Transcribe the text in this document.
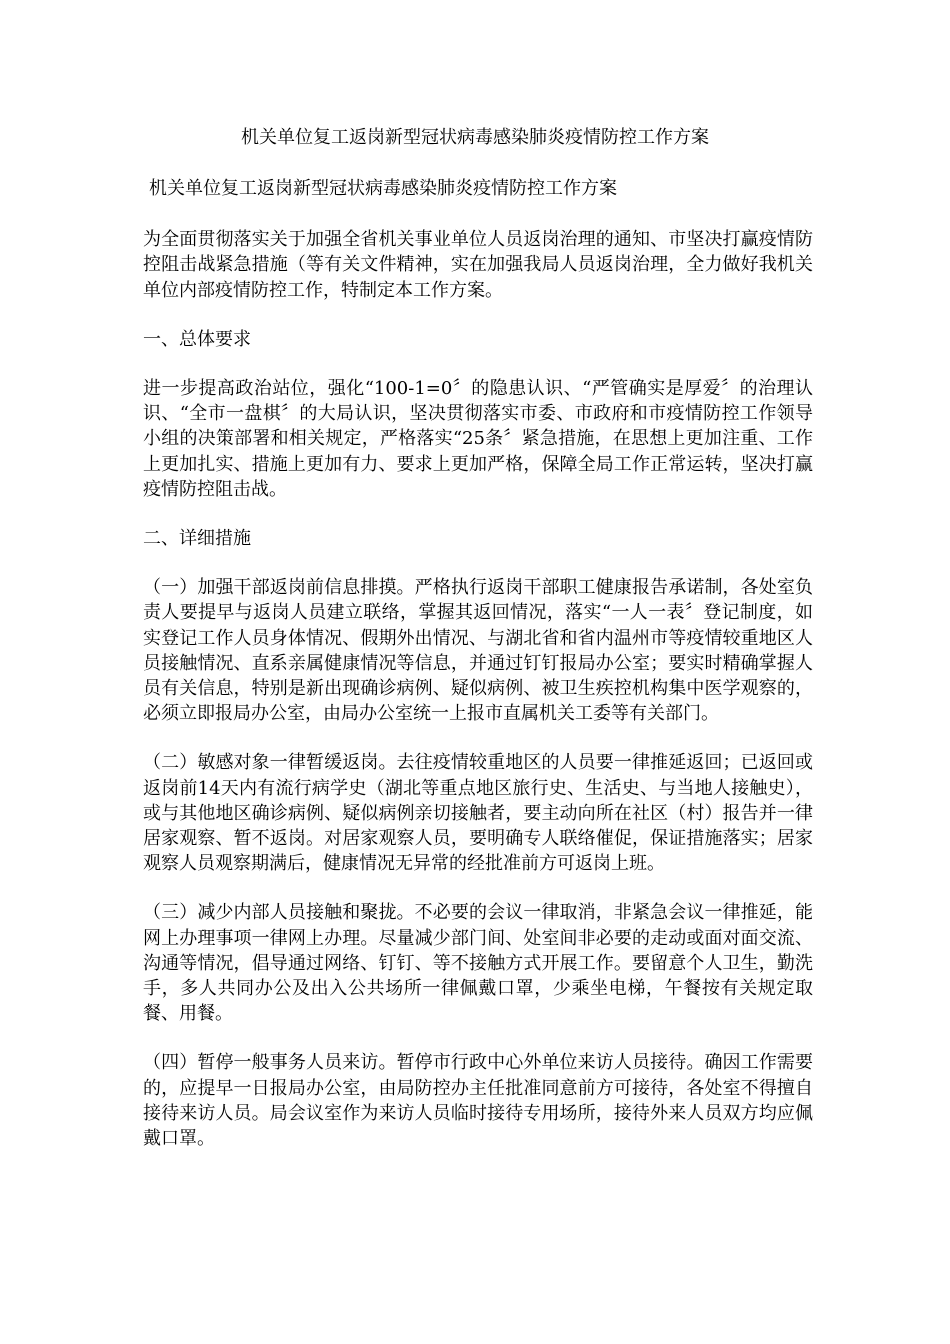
机关单位复工返岗新型冠状病毒感染肺炎疫情防控工作方案

机关单位复工返岗新型冠状病毒感染肺炎疫情防控工作方案

为全面贯彻落实关于加强全省机关事业单位人员返岗治理的通知、市坚决打赢疫情防控阻击战紧急措施（等有关文件精神，实在加强我局人员返岗治理，全力做好我机关单位内部疫情防控工作，特制定本工作方案。

一、总体要求

进一步提高政治站位，强化“100-1=0〞的隐患认识、“严管确实是厚爱〞的治理认识、“全市一盘棋〞的大局认识，坚决贯彻落实市委、市政府和市疫情防控工作领导小组的决策部署和相关规定，严格落实“25条〞紧急措施，在思想上更加注重、工作上更加扎实、措施上更加有力、要求上更加严格，保障全局工作正常运转，坚决打赢疫情防控阻击战。

二、详细措施

（一）加强干部返岗前信息排摸。严格执行返岗干部职工健康报告承诺制，各处室负责人要提早与返岗人员建立联络，掌握其返回情况，落实“一人一表〞登记制度，如实登记工作人员身体情况、假期外出情况、与湖北省和省内温州市等疫情较重地区人员接触情况、直系亲属健康情况等信息，并通过钉钉报局办公室；要实时精确掌握人员有关信息，特别是新出现确诊病例、疑似病例、被卫生疾控机构集中医学观察的，必须立即报局办公室，由局办公室统一上报市直属机关工委等有关部门。

（二）敏感对象一律暂缓返岗。去往疫情较重地区的人员要一律推延返回；已返回或返岗前14天内有流行病学史（湖北等重点地区旅行史、生活史、与当地人接触史），或与其他地区确诊病例、疑似病例亲切接触者，要主动向所在社区（村）报告并一律居家观察、暂不返岗。对居家观察人员，要明确专人联络催促，保证措施落实；居家观察人员观察期满后，健康情况无异常的经批准前方可返岗上班。

（三）减少内部人员接触和聚拢。不必要的会议一律取消，非紧急会议一律推延，能网上办理事项一律网上办理。尽量减少部门间、处室间非必要的走动或面对面交流、沟通等情况，倡导通过网络、钉钉、等不接触方式开展工作。要留意个人卫生，勤洗手，多人共同办公及出入公共场所一律佩戴口罩，少乘坐电梯，午餐按有关规定取餐、用餐。

（四）暂停一般事务人员来访。暂停市行政中心外单位来访人员接待。确因工作需要的，应提早一日报局办公室，由局防控办主任批准同意前方可接待，各处室不得擅自接待来访人员。局会议室作为来访人员临时接待专用场所，接待外来人员双方均应佩戴口罩。
